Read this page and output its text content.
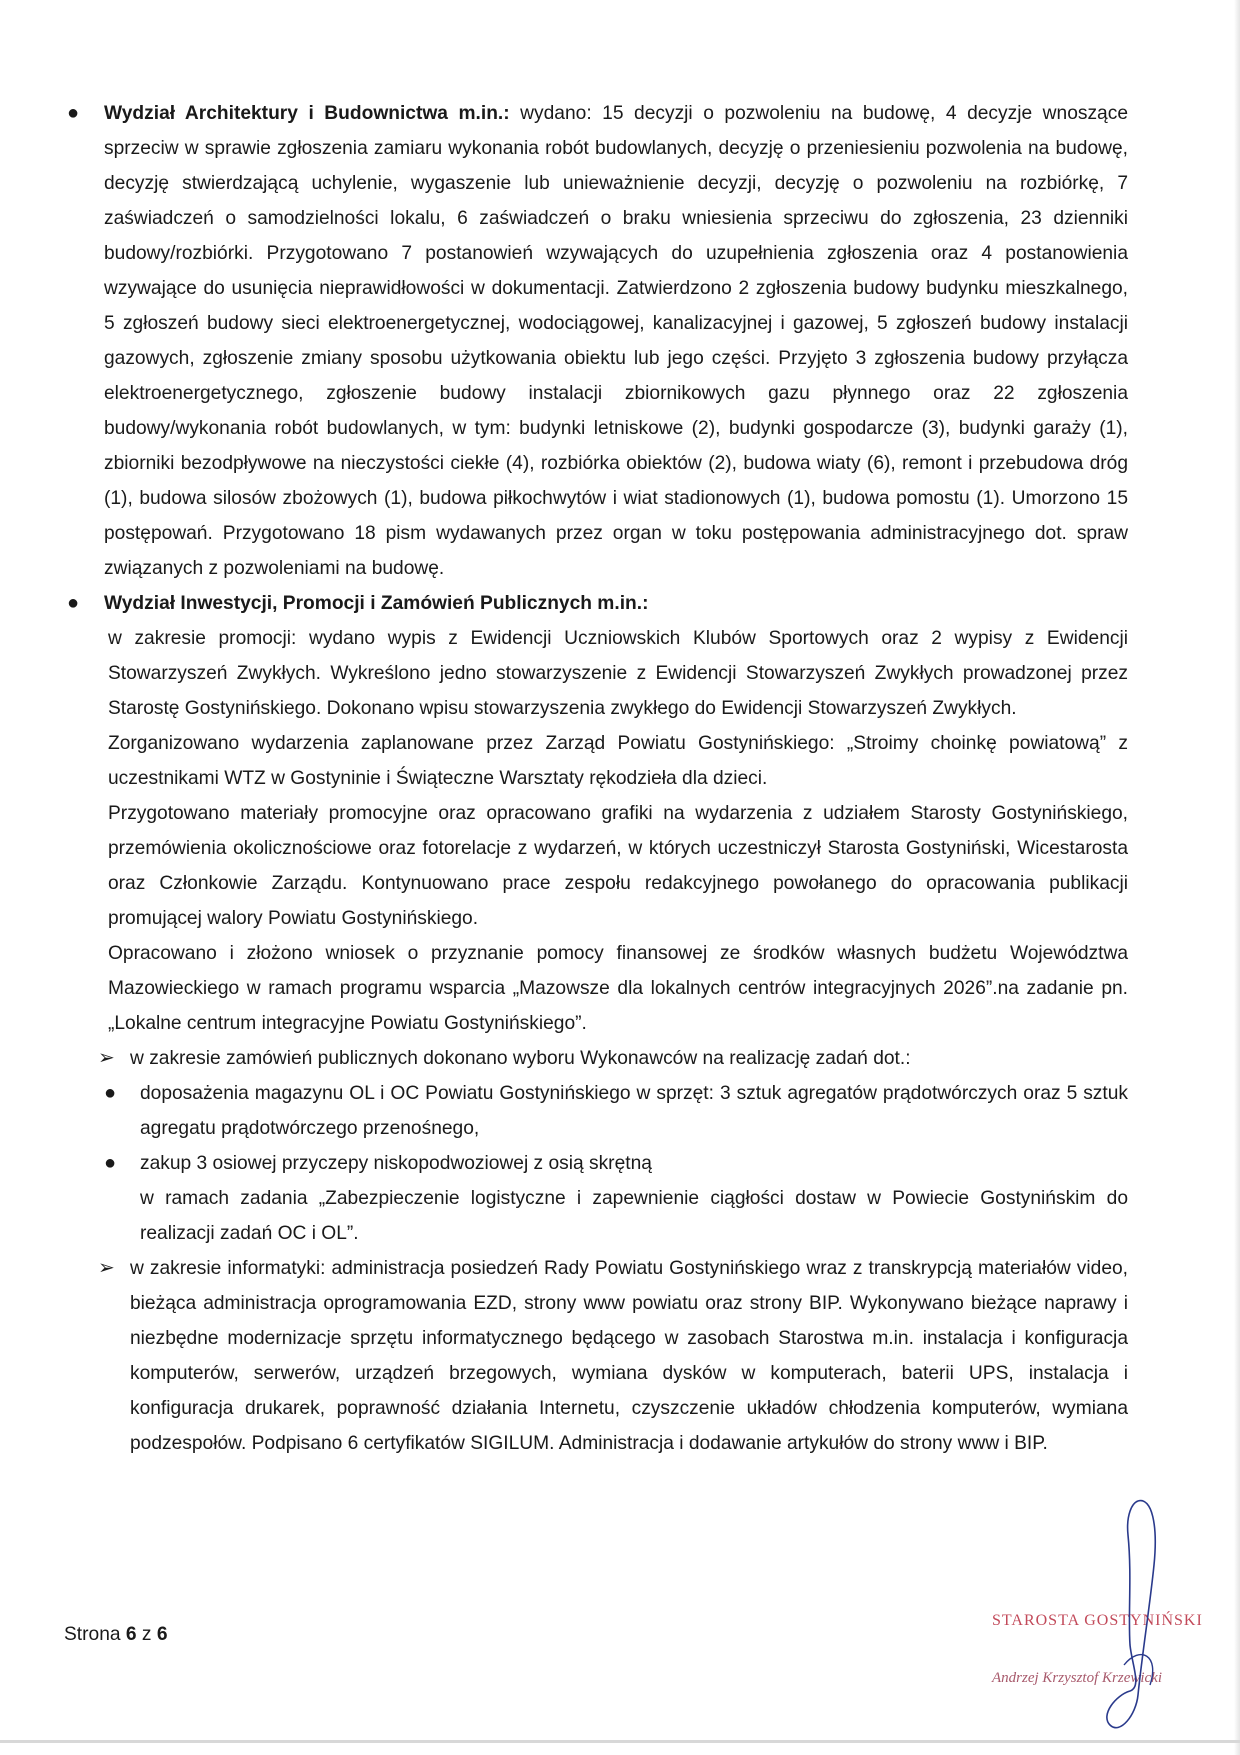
● Wydział Architektury i Budownictwa m.in.: wydano: 15 decyzji o pozwoleniu na budowę, 4 decyzje wnoszące sprzeciw w sprawie zgłoszenia zamiaru wykonania robót budowlanych, decyzję o przeniesieniu pozwolenia na budowę, decyzję stwierdzającą uchylenie, wygaszenie lub unieważnienie decyzji, decyzję o pozwoleniu na rozbiórkę, 7 zaświadczeń o samodzielności lokalu, 6 zaświadczeń o braku wniesienia sprzeciwu do zgłoszenia, 23 dzienniki budowy/rozbiórki. Przygotowano 7 postanowień wzywających do uzupełnienia zgłoszenia oraz 4 postanowienia wzywające do usunięcia nieprawidłowości w dokumentacji. Zatwierdzono 2 zgłoszenia budowy budynku mieszkalnego, 5 zgłoszeń budowy sieci elektroenergetycznej, wodociągowej, kanalizacyjnej i gazowej, 5 zgłoszeń budowy instalacji gazowych, zgłoszenie zmiany sposobu użytkowania obiektu lub jego części. Przyjęto 3 zgłoszenia budowy przyłącza elektroenergetycznego, zgłoszenie budowy instalacji zbiornikowych gazu płynnego oraz 22 zgłoszenia budowy/wykonania robót budowlanych, w tym: budynki letniskowe (2), budynki gospodarcze (3), budynki garaży (1), zbiorniki bezodpływowe na nieczystości ciekłe (4), rozbiórka obiektów (2), budowa wiaty (6), remont i przebudowa dróg (1), budowa silosów zbożowych (1), budowa piłkochwytów i wiat stadionowych (1), budowa pomostu (1). Umorzono 15 postępowań. Przygotowano 18 pism wydawanych przez organ w toku postępowania administracyjnego dot. spraw związanych z pozwoleniami na budowę.
● Wydział Inwestycji, Promocji i Zamówień Publicznych m.in.:
w zakresie promocji: wydano wypis z Ewidencji Uczniowskich Klubów Sportowych oraz 2 wypisy z Ewidencji Stowarzyszeń Zwykłych. Wykreślono jedno stowarzyszenie z Ewidencji Stowarzyszeń Zwykłych prowadzonej przez Starostę Gostynińskiego. Dokonano wpisu stowarzyszenia zwykłego do Ewidencji Stowarzyszeń Zwykłych.
Zorganizowano wydarzenia zaplanowane przez Zarząd Powiatu Gostynińskiego: „Stroimy choinkę powiatową” z uczestnikami WTZ w Gostyninie i Świąteczne Warsztaty rękodzieła dla dzieci.
Przygotowano materiały promocyjne oraz opracowano grafiki na wydarzenia z udziałem Starosty Gostynińskiego, przemówienia okolicznościowe oraz fotorelacje z wydarzeń, w których uczestniczył Starosta Gostyniński, Wicestarosta oraz Członkowie Zarządu. Kontynuowano prace zespołu redakcyjnego powołanego do opracowania publikacji promującej walory Powiatu Gostynińskiego.
Opracowano i złożono wniosek o przyznanie pomocy finansowej ze środków własnych budżetu Województwa Mazowieckiego w ramach programu wsparcia „Mazowsze dla lokalnych centrów integracyjnych 2026”.na zadanie pn. „Lokalne centrum integracyjne Powiatu Gostynińskiego”.
➢ w zakresie zamówień publicznych dokonano wyboru Wykonawców na realizację zadań dot.:
● doposażenia magazynu OL i OC Powiatu Gostynińskiego w sprzęt: 3 sztuk agregatów prądotwórczych oraz 5 sztuk agregatu prądotwórczego przenośnego,
● zakup 3 osiowej przyczepy niskopodwoziowej z osią skrętną
w ramach zadania „Zabezpieczenie logistyczne i zapewnienie ciągłości dostaw w Powiecie Gostynińskim do realizacji zadań OC i OL”.
➢ w zakresie informatyki: administracja posiedzeń Rady Powiatu Gostynińskiego wraz z transkrypcją materiałów video, bieżąca administracja oprogramowania EZD, strony www powiatu oraz strony BIP. Wykonywano bieżące naprawy i niezbędne modernizacje sprzętu informatycznego będącego w zasobach Starostwa m.in. instalacja i konfiguracja komputerów, serwerów, urządzeń brzegowych, wymiana dysków w komputerach, baterii UPS, instalacja i konfiguracja drukarek, poprawność działania Internetu, czyszczenie układów chłodzenia komputerów, wymiana podzespołów. Podpisano 6 certyfikatów SIGILUM. Administracja i dodawanie artykułów do strony www i BIP.
Strona 6 z 6
STAROSTA GOSTYNIŃSKI
Andrzej Krzysztof Krzewicki
